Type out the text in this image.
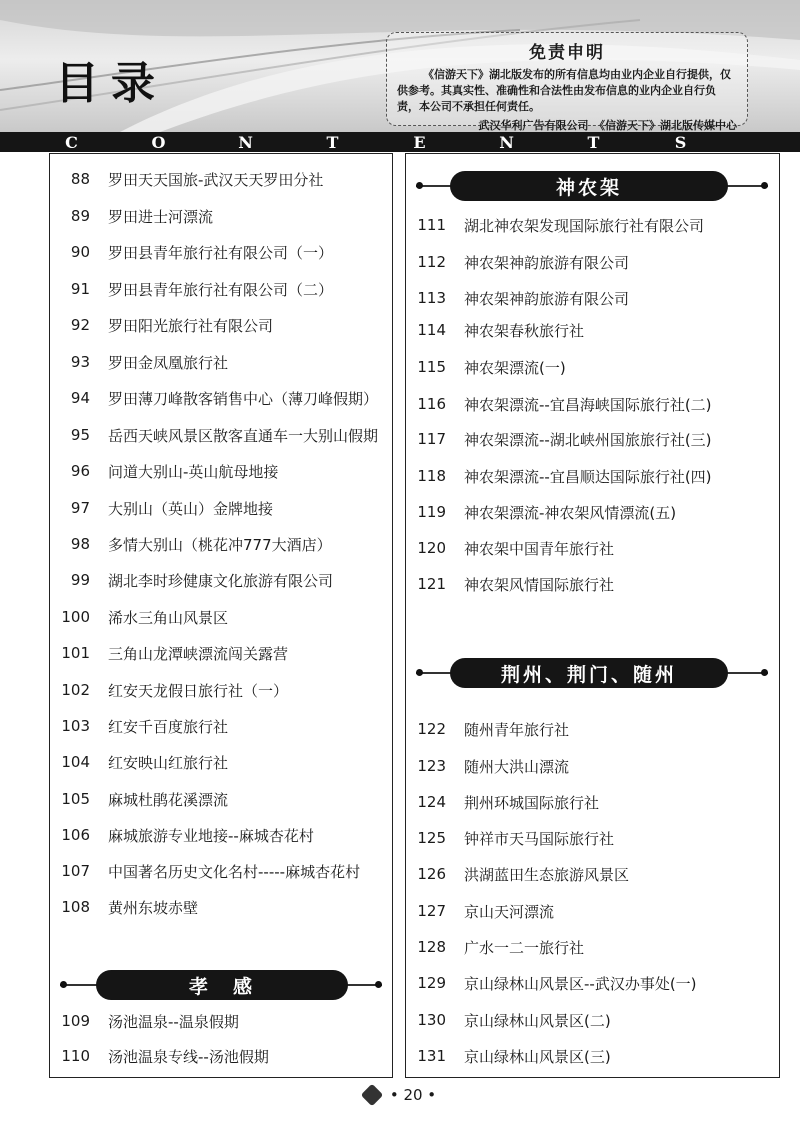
目录
免责申明
《信游天下》湖北版发布的所有信息均由业内企业自行提供，仅供参考。其真实性、准确性和合法性由发布信息的业内企业自行负责，本公司不承担任何责任。
武汉华利广告有限公司　《信游天下》湖北版传媒中心
C	O	N	T	E	N	T	S
88 罗田天天国旅-武汉天天罗田分社
89 罗田进士河漂流
90 罗田县青年旅行社有限公司（一）
91 罗田县青年旅行社有限公司（二）
92 罗田阳光旅行社有限公司
93 罗田金凤凰旅行社
94 罗田薄刀峰散客销售中心（薄刀峰假期）
95 岳西天峡风景区散客直通车一大别山假期
96 问道大别山-英山航母地接
97 大别山（英山）金牌地接
98 多情大别山（桃花冲777大酒店）
99 湖北李时珍健康文化旅游有限公司
100 浠水三角山风景区
101 三角山龙潭峡漂流闯关露营
102 红安天龙假日旅行社（一）
103 红安千百度旅行社
104 红安映山红旅行社
105 麻城杜鹃花溪漂流
106 麻城旅游专业地接--麻城杏花村
107 中国著名历史文化名村-----麻城杏花村
108 黄州东坡赤壁
孝　感
109 汤池温泉--温泉假期
110 汤池温泉专线--汤池假期
神农架
111 湖北神农架发现国际旅行社有限公司
112 神农架神韵旅游有限公司
113 神农架神韵旅游有限公司
114 神农架春秋旅行社
115 神农架漂流(一)
116 神农架漂流--宜昌海峡国际旅行社(二)
117 神农架漂流--湖北峡州国旅旅行社(三)
118 神农架漂流--宜昌顺达国际旅行社(四)
119 神农架漂流-神农架风情漂流(五)
120 神农架中国青年旅行社
121 神农架风情国际旅行社
荆州、荆门、随州
122 随州青年旅行社
123 随州大洪山漂流
124 荆州环城国际旅行社
125 钟祥市天马国际旅行社
126 洪湖蓝田生态旅游风景区
127 京山天河漂流
128 广水一二一旅行社
129 京山绿林山风景区--武汉办事处(一)
130 京山绿林山风景区(二)
131 京山绿林山风景区(三)
• 20 •
